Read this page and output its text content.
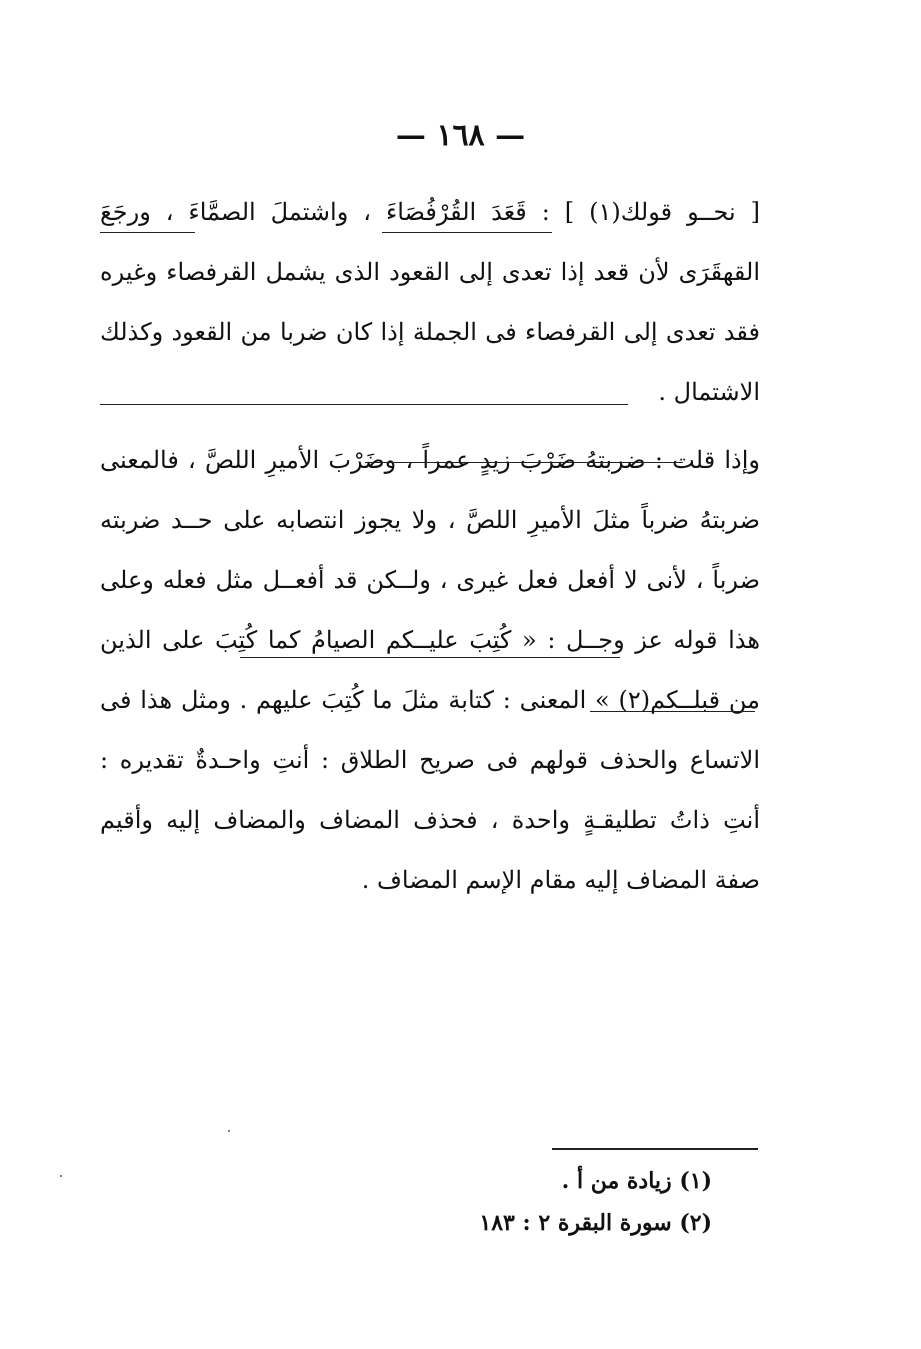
— ١٦٨ —

[ نحــو قولك(١) ] : قَعَدَ القُرْفُصَاءَ ، واشتملَ الصمَّاءَ ، ورجَعَ القهقَرَى لأن قعد إذا تعدى إلى القعود الذى يشمل القرفصاء وغيره فقد تعدى إلى القرفصاء فى الجملة إذا كان ضربا من القعود وكذلك الاشتمال .

وإذا قلت : ضربتهُ ضَرْبَ زيدٍ عمراً ، وضَرْبَ الأميرِ اللصَّ ، فالمعنى ضربتهُ ضرباً مثلَ الأميرِ اللصَّ ، ولا يجوز انتصابه على حــد ضربته ضرباً ، لأنى لا أفعل فعل غيرى ، ولــكن قد أفعــل مثل فعله وعلى هذا قوله عز وجــل : « كُتِبَ عليــكم الصيامُ كما كُتِبَ على الذين من قبلــكم(٢) » المعنى : كتابة مثلَ ما كُتِبَ عليهم . ومثل هذا فى الاتساع والحذف قولهم فى صريح الطلاق : أنتِ واحـدةٌ تقديره : أنتِ ذاتُ تطليقـةٍ واحدة ، فحذف المضاف والمضاف إليه وأقيم صفة المضاف إليه مقام الإسم المضاف .

(١) زيادة من أ .

(٢) سورة البقرة ٢ : ١٨٣
